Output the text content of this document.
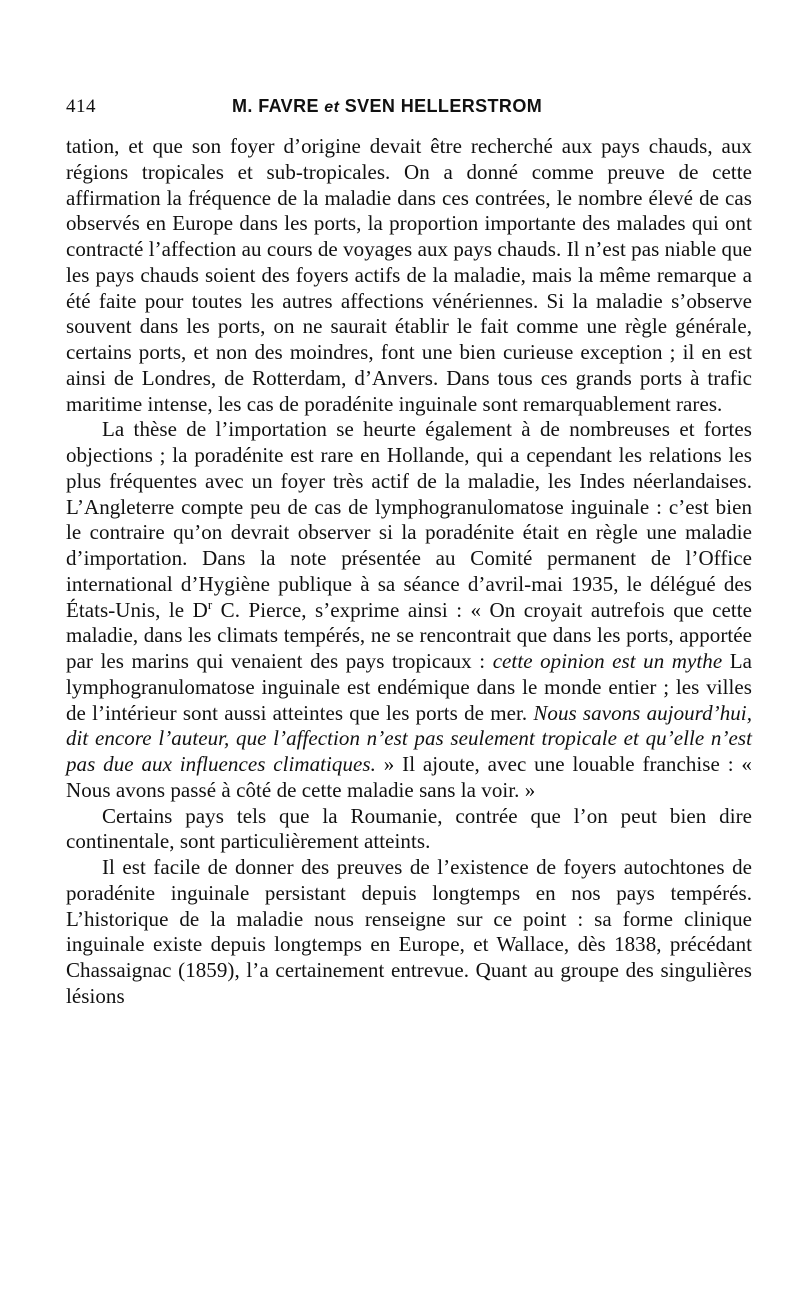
414	M. FAVRE et SVEN HELLERSTROM

tation, et que son foyer d’origine devait être recherché aux pays chauds, aux régions tropicales et sub-tropicales. On a donné comme preuve de cette affirmation la fréquence de la maladie dans ces contrées, le nombre élevé de cas observés en Europe dans les ports, la proportion importante des malades qui ont contracté l’affection au cours de voyages aux pays chauds. Il n’est pas niable que les pays chauds soient des foyers actifs de la maladie, mais la même remarque a été faite pour toutes les autres affections vénériennes. Si la maladie s’observe souvent dans les ports, on ne saurait établir le fait comme une règle générale, certains ports, et non des moindres, font une bien curieuse exception ; il en est ainsi de Londres, de Rotterdam, d’Anvers. Dans tous ces grands ports à trafic maritime intense, les cas de poradénite inguinale sont remarquablement rares.

La thèse de l’importation se heurte également à de nombreuses et fortes objections ; la poradénite est rare en Hollande, qui a cependant les relations les plus fréquentes avec un foyer très actif de la maladie, les Indes néerlandaises. L’Angleterre compte peu de cas de lymphogranulomatose inguinale : c’est bien le contraire qu’on devrait observer si la poradénite était en règle une maladie d’importation. Dans la note présentée au Comité permanent de l’Office international d’Hygiène publique à sa séance d’avril-mai 1935, le délégué des États-Unis, le $D^r$ C. Pierce, s’exprime ainsi : « On croyait autrefois que cette maladie, dans les climats tempérés, ne se rencontrait que dans les ports, apportée par les marins qui venaient des pays tropicaux : cette opinion est un mythe La lymphogranulomatose inguinale est endémique dans le monde entier ; les villes de l’intérieur sont aussi atteintes que les ports de mer. Nous savons aujourd’hui, dit encore l’auteur, que l’affection n’est pas seulement tropicale et qu’elle n’est pas due aux influences climatiques. » Il ajoute, avec une louable franchise : « Nous avons passé à côté de cette maladie sans la voir. »

Certains pays tels que la Roumanie, contrée que l’on peut bien dire continentale, sont particulièrement atteints.

Il est facile de donner des preuves de l’existence de foyers autochtones de poradénite inguinale persistant depuis longtemps en nos pays tempérés. L’historique de la maladie nous renseigne sur ce point : sa forme clinique inguinale existe depuis longtemps en Europe, et Wallace, dès 1838, précédant Chassaignac (1859), l’a certainement entrevue. Quant au groupe des singulières lésions
